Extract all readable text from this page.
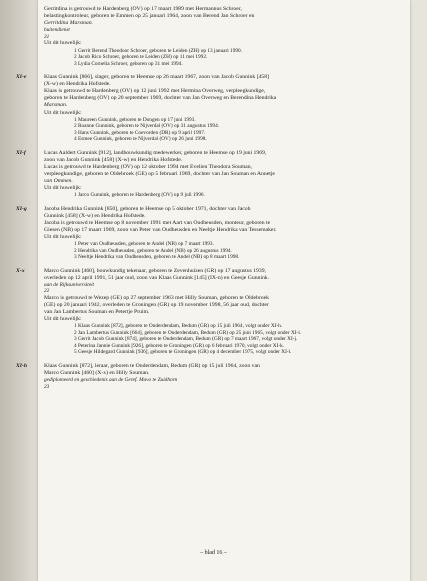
Gerritdina is getrouwd te Hardenberg (OV) op 17 maart 1989 met Hermannus Schroer,

belastingkontroleur, geboren te Emmen op 25 januari 1964, zoon van Berend Jan Schroer en

Gerritdina Marsman.

buitendienst

31

Uit dit huwelijk:

1 Gerrit Berend Theodoor Schroer, geboren te Leiden (ZH) op 13 januari 1990.
2 Jacob Rico Schroer, geboren te Leiden (ZH) op 11 mei 1992.
3 Lydia Cornelia Schroer, geboren op 31 mei 1994.
XI-e	Klaas Gunnink [866], slager, geboren te Heemse op 26 maart 1967, zoon van Jacob Gunnink [458]

(X-w) en Hendrika Hofstede.

Klaas is getrouwd te Hardenberg (OV) op 12 juni 1992 met Hermina Overweg, verpleegkundige,

geboren te Hardenberg (OV) op 20 september 1969, dochter van Jan Overweg en Berendina Hendrika

Marsman.

Uit dit huwelijk:

1 Maureen Gunnink, geboren te Dongen op 17 juni 1993.
2 Roanne Gunnink, geboren te Nijverdal (OV) op 31 augustus 1994.
3 Hans Gunnink, geboren te Coevorden (DR) op 9 april 1997.
4 Esmee Gunnink, geboren te Nijverdal (OV) op 26 juni 1998.
XI-f	Lucas Aaldert Gunnink [912], landbouwkundig medewerker, geboren te Heemse op 19 juni 1969,

zoon van Jacob Gunnink [458] (X-w) en Hendrika Hofstede.

Lucas is getrouwd te Hardenberg (OV) op 12 oktober 1994 met Evelien Theodora Souman,

verpleegkundige, geboren te Oldebroek (GE) op 5 februari 1969, dochter van Jan Souman en Annetje

van Ommen.

Uit dit huwelijk:

1 Jarco Gunnink, geboren te Hardenberg (OV) op 9 juli 1996.
XI-g	Jacoba Hendrika Gunnink [850], geboren te Heemse op 5 oktober 1971, dochter van Jacob

Gunnink [458] (X-w) en Hendrika Hofstede.

Jacoba is getrouwd te Heemse op 8 november 1991 met Aart van Oudheusden, monteur, geboren te

Giesen (NB) op 17 maart 1969, zoon van Peter van Oudheusden en Neeltje Hendrika van Tessemaker.

Uit dit huwelijk:

1 Peter van Oudheusden, geboren te Andel (NB) op 7 maart 1993.
2 Hendrika van Oudheusden, geboren te Andel (NB) op 26 augustus 1994.
3 Neeltje Hendrika van Oudheusden, geboren te Andel (NB) op 8 maart 1998.
X-x	Marco Gunnink [460], bouwkundig tekenaar, geboren te Zevenhuizen (GR) op 17 augustus 1939,

overleden op 12 april 1991, 51 jaar oud, zoon van Klaas Gunnink [145] (IX-n) en Geesje Gunnink.

aan de Rijksuniversiteit

22

Marco is getrouwd te Wezep (GE) op 27 september 1963 met Hilly Souman, geboren te Oldebroek

(GE) op 20 januari 1942, overleden te Groningen (GR) op 19 november 1998, 56 jaar oud, dochter

van Jan Lambertus Souman en Petertje Pruim.

Uit dit huwelijk:

1 Klaas Gunnink [872], geboren te Onderdendam, Bedum (GR) op 15 juli 1964, volgt onder XI-h.
2 Jan Lambertus Gunnink [664], geboren te Onderdendam, Bedum (GR) op 25 juni 1965, volgt onder XI-i.
3 Gerrit Jacob Gunnink [874], geboren te Onderdendam, Bedum (GR) op 7 maart 1967, volgt onder XI-j.
4 Peterina Jannie Gunnink [926], geboren te Groningen (GR) op 6 februari 1970, volgt onder XI-k.
5 Geesje Hildegard Gunnink [936], geboren te Groningen (GR) op 4 december 1975, volgt onder XI-l.
XI-h	Klaas Gunnink [872], leraar, geboren te Onderdendam, Bedum (GR) op 15 juli 1964, zoon van

Marco Gunnink [460] (X-x) en Hilly Souman.

gediplomeerd en geschiedenis aan de Geref. Mavo te Zuidhorn

23

– blad 16 –
